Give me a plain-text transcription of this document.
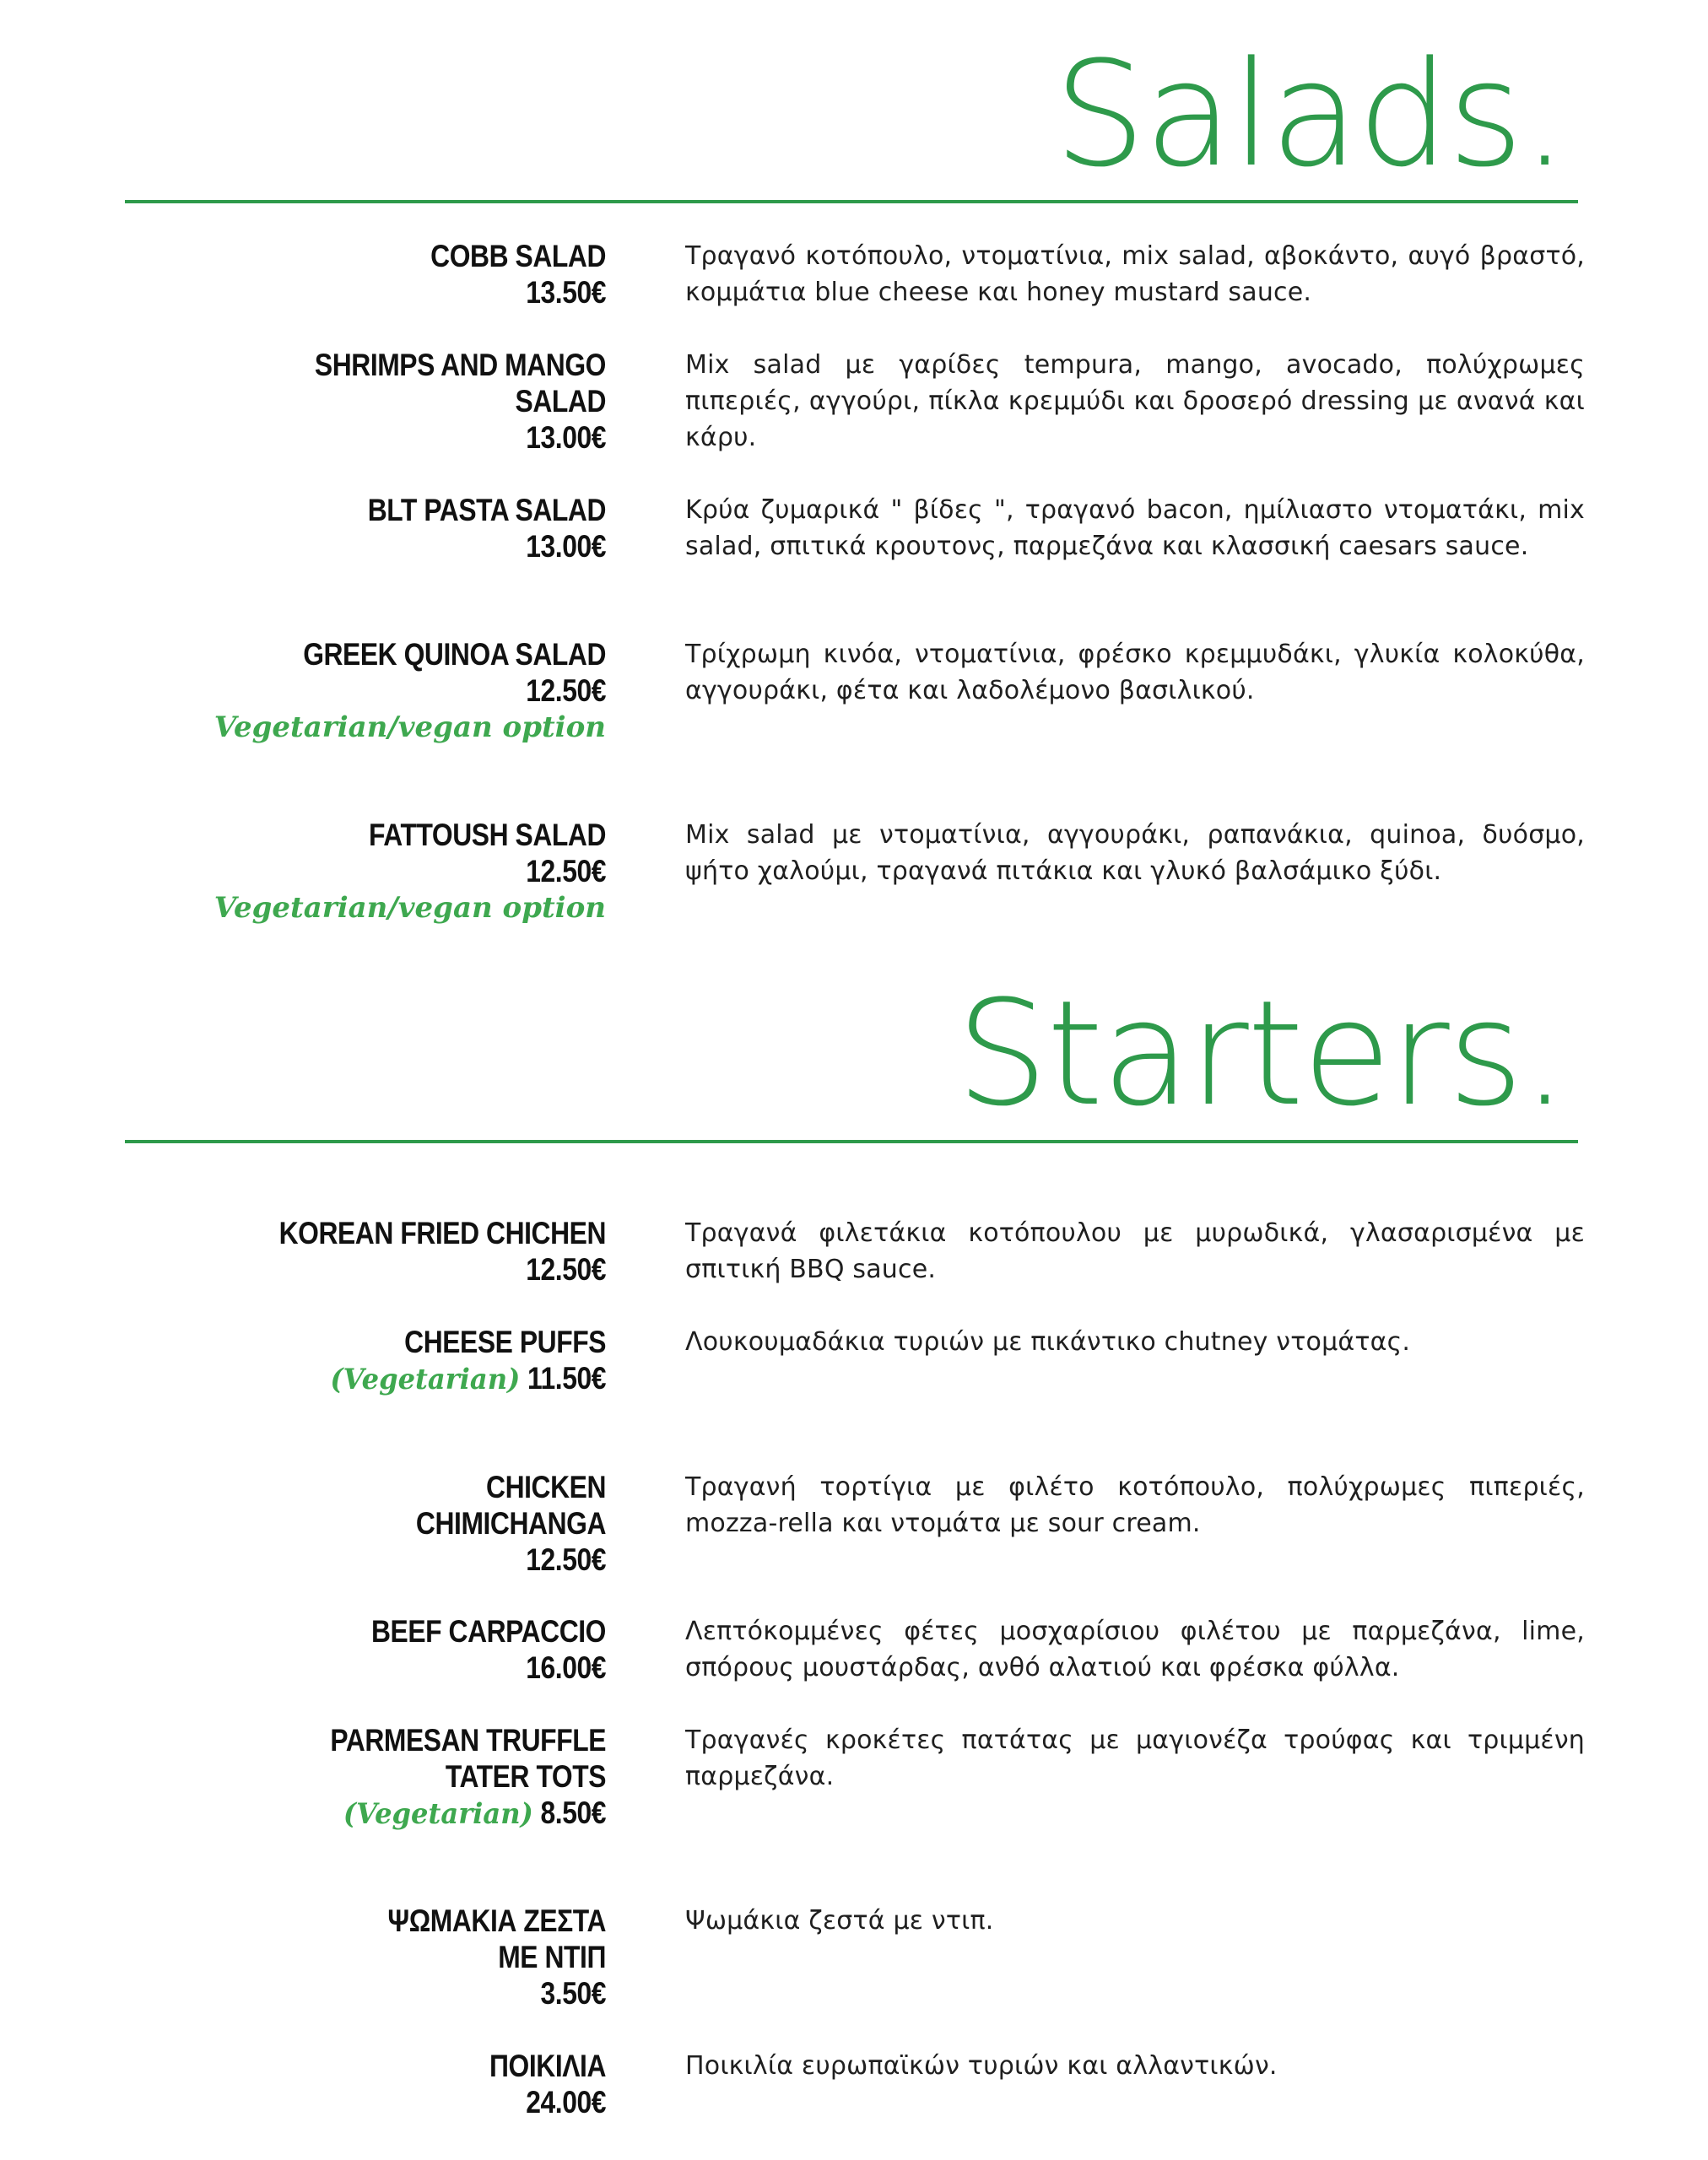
Salads.
COBB SALAD
13.50€

Τραγανό κοτόπουλο, ντοματίνια, mix salad, αβοκάντο, αυγό βραστό, κομμάτια blue cheese και honey mustard sauce.

SHRIMPS AND MANGO
SALAD
13.00€

Mix salad με γαρίδες tempura, mango, avocado, πολύχρωμες πιπεριές, αγγούρι, πίκλα κρεμμύδι και δροσερό dressing με ανανά και κάρυ.

BLT PASTA SALAD
13.00€

Κρύα ζυμαρικά " βίδες ", τραγανό bacon, ημίλιαστο ντοματάκι, mix salad, σπιτικά κρουτονς, παρμεζάνα και κλασσική caesars sauce.

GREEK QUINOA SALAD
12.50€
Vegetarian/vegan option

Τρίχρωμη κινόα, ντοματίνια, φρέσκο κρεμμυδάκι, γλυκία κολοκύθα, αγγουράκι, φέτα και λαδολέμονο βασιλικού.

FATTOUSH SALAD
12.50€
Vegetarian/vegan option

Mix salad με ντοματίνια, αγγουράκι, ραπανάκια, quinoa, δυόσμο, ψήτο χαλούμι, τραγανά πιτάκια και γλυκό βαλσάμικο ξύδι.

Starters.
KOREAN FRIED CHICHEN
12.50€

Τραγανά φιλετάκια κοτόπουλου με μυρωδικά, γλασαρισμένα με σπιτική BBQ sauce.

CHEESE PUFFS
(Vegetarian) 11.50€

Λουκουμαδάκια τυριών με πικάντικο chutney ντομάτας.

CHICKEN
CHIMICHANGA
12.50€

Τραγανή τορτίγια με φιλέτο κοτόπουλο, πολύχρωμες πιπεριές, mozza-rella και ντομάτα με sour cream.

BEEF CARPACCIO
16.00€

Λεπτόκομμένες φέτες μοσχαρίσιου φιλέτου με παρμεζάνα, lime, σπόρους μουστάρδας, ανθό αλατιού και φρέσκα φύλλα.

PARMESAN TRUFFLE
TATER TOTS
(Vegetarian) 8.50€

Τραγανές κροκέτες πατάτας με μαγιονέζα τρούφας και τριμμένη παρμεζάνα.

ΨΩΜΑΚΙΑ ΖΕΣΤΑ
ΜΕ ΝΤΙΠ
3.50€

Ψωμάκια ζεστά με ντιπ.

ΠΟΙΚΙΛΙΑ
24.00€

Ποικιλία ευρωπαϊκών τυριών και αλλαντικών.
